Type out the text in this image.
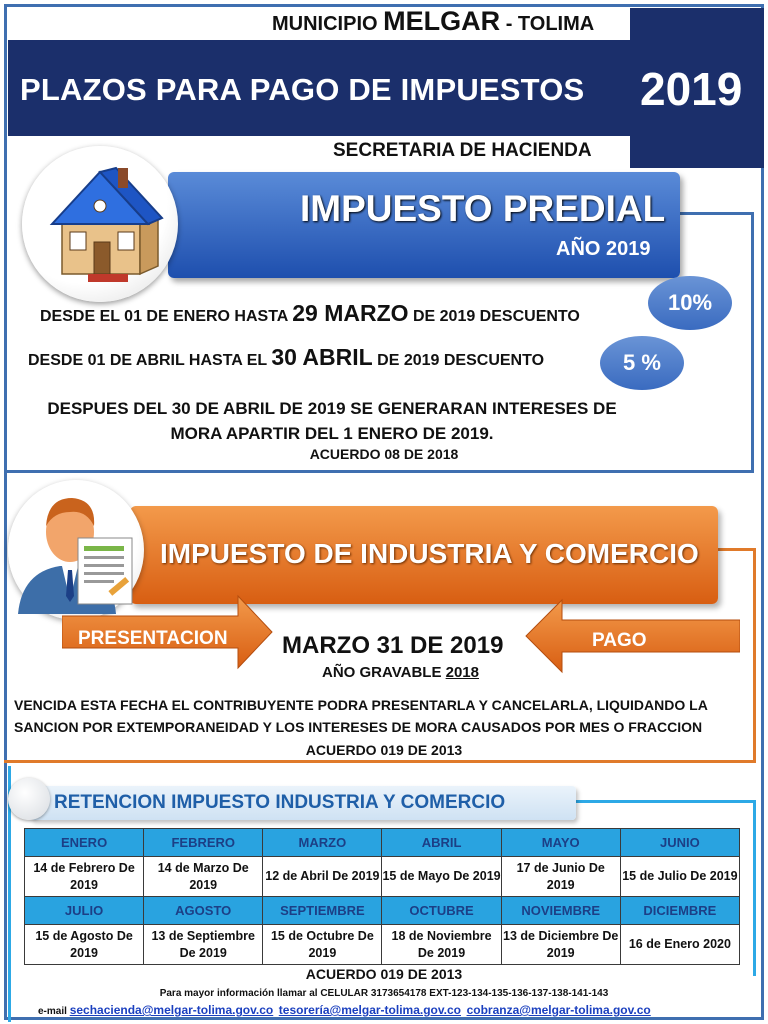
MUNICIPIO MELGAR - TOLIMA
PLAZOS PARA PAGO DE IMPUESTOS 2019
SECRETARIA DE HACIENDA
IMPUESTO PREDIAL
AÑO 2019
DESDE EL 01 DE ENERO HASTA 29 MARZO DE 2019 DESCUENTO
10%
DESDE 01 DE ABRIL HASTA EL 30 ABRIL DE 2019 DESCUENTO	5 %
DESPUES DEL 30 DE ABRIL DE 2019 SE GENERARAN INTERESES DE MORA APARTIR DEL 1 ENERO DE 2019.
ACUERDO 08 DE 2018
IMPUESTO DE INDUSTRIA Y COMERCIO
PRESENTACION	PAGO
MARZO 31 DE 2019
AÑO GRAVABLE 2018
VENCIDA ESTA FECHA EL CONTRIBUYENTE PODRA PRESENTARLA Y CANCELARLA, LIQUIDANDO LA SANCION POR EXTEMPORANEIDAD Y LOS INTERESES DE MORA CAUSADOS POR MES O FRACCION
ACUERDO 019 DE 2013
RETENCION IMPUESTO INDUSTRIA Y COMERCIO
ENERO	FEBRERO	MARZO	ABRIL	MAYO	JUNIO
14 de Febrero De 2019	14 de Marzo De 2019	12 de Abril De 2019	15 de Mayo De 2019	17 de Junio De 2019	15 de Julio De 2019
JULIO	AGOSTO	SEPTIEMBRE	OCTUBRE	NOVIEMBRE	DICIEMBRE
15 de Agosto De 2019	13 de Septiembre De 2019	15 de Octubre De 2019	18 de Noviembre De 2019	13 de Diciembre De 2019	16 de Enero 2020
ACUERDO 019 DE 2013
Para mayor información llamar al CELULAR 3173654178 EXT-123-134-135-136-137-138-141-143
e-mail sechacienda@melgar-tolima.gov.co tesorería@melgar-tolima.gov.co cobranza@melgar-tolima.gov.co
